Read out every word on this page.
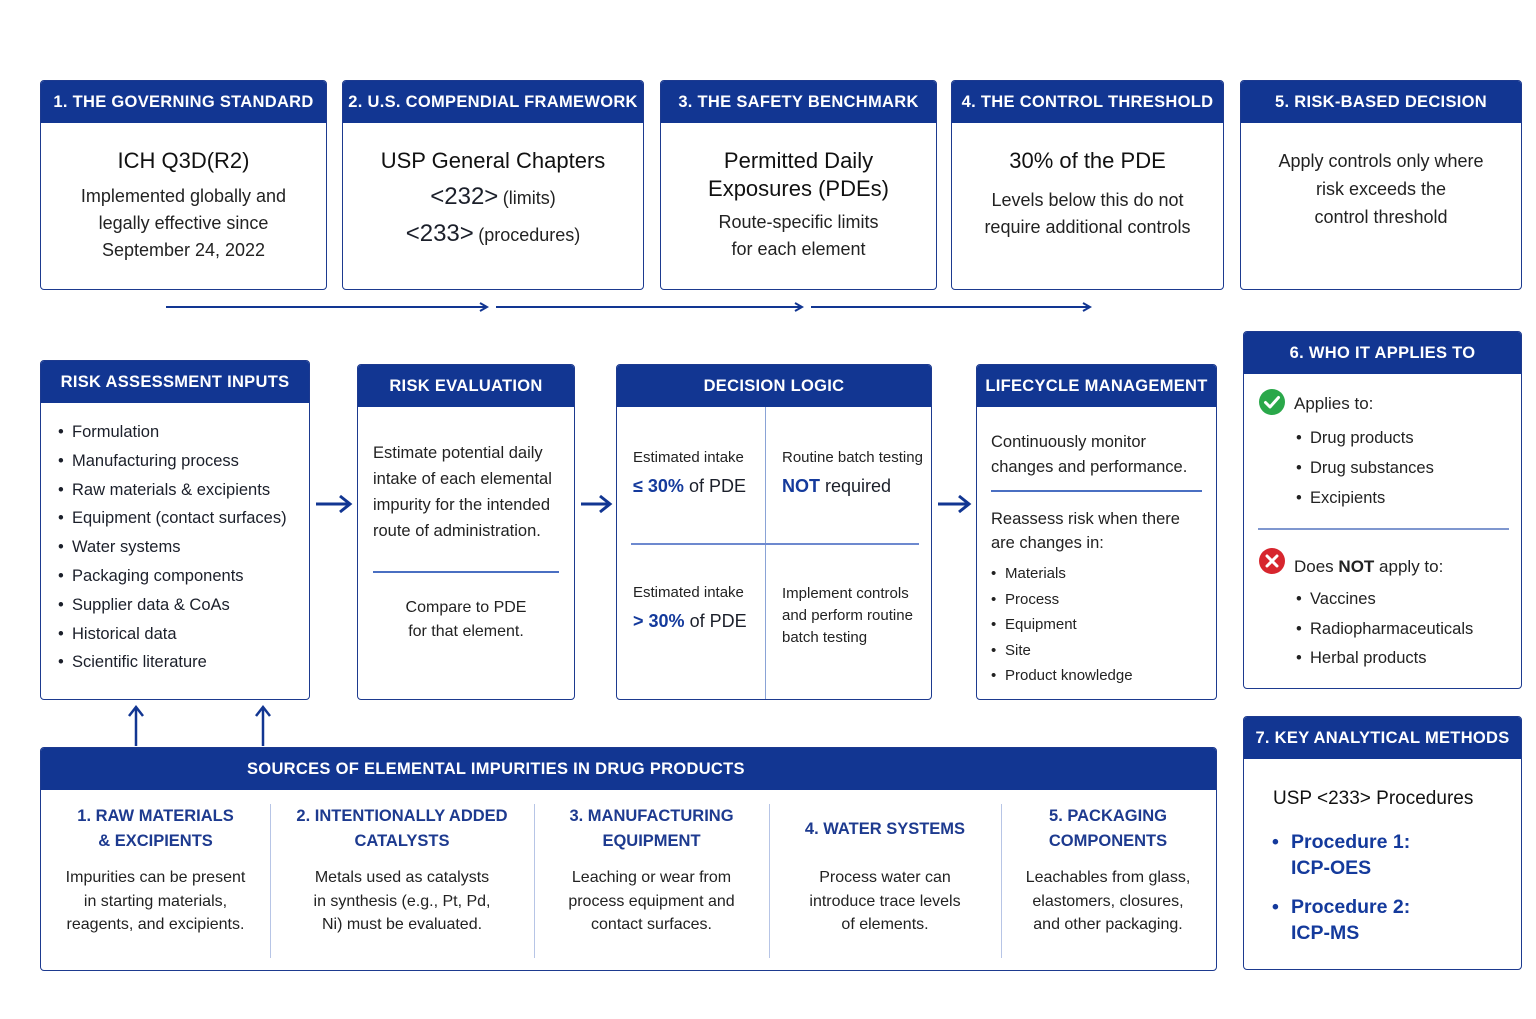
1. THE GOVERNING STANDARD
ICH Q3D(R2)
Implemented globally and
legally effective since
September 24, 2022
2. U.S. COMPENDIAL FRAMEWORK
USP General Chapters
<232> (limits)
<233> (procedures)
3. THE SAFETY BENCHMARK
Permitted Daily
Exposures (PDEs)
Route-specific limits
for each element
4. THE CONTROL THRESHOLD
30% of the PDE
Levels below this do not
require additional controls
5. RISK-BASED DECISION
Apply controls only where
risk exceeds the
control threshold
RISK ASSESSMENT INPUTS
• Formulation
• Manufacturing process
• Raw materials & excipients
• Equipment (contact surfaces)
• Water systems
• Packaging components
• Supplier data & CoAs
• Historical data
• Scientific literature
RISK EVALUATION
Estimate potential daily
intake of each elemental
impurity for the intended
route of administration.
Compare to PDE
for that element.
DECISION LOGIC
Estimated intake
≤ 30% of PDE
Routine batch testing
NOT required
Estimated intake
> 30% of PDE
Implement controls
and perform routine
batch testing
LIFECYCLE MANAGEMENT
Continuously monitor
changes and performance.
Reassess risk when there
are changes in:
• Materials
• Process
• Equipment
• Site
• Product knowledge
6. WHO IT APPLIES TO
Applies to:
• Drug products
• Drug substances
• Excipients
Does NOT apply to:
• Vaccines
• Radiopharmaceuticals
• Herbal products
7. KEY ANALYTICAL METHODS
USP <233> Procedures
• Procedure 1:
ICP-OES
• Procedure 2:
ICP-MS
SOURCES OF ELEMENTAL IMPURITIES IN DRUG PRODUCTS
1. RAW MATERIALS
& EXCIPIENTS
Impurities can be present
in starting materials,
reagents, and excipients.
2. INTENTIONALLY ADDED
CATALYSTS
Metals used as catalysts
in synthesis (e.g., Pt, Pd,
Ni) must be evaluated.
3. MANUFACTURING
EQUIPMENT
Leaching or wear from
process equipment and
contact surfaces.
4. WATER SYSTEMS
Process water can
introduce trace levels
of elements.
5. PACKAGING
COMPONENTS
Leachables from glass,
elastomers, closures,
and other packaging.
